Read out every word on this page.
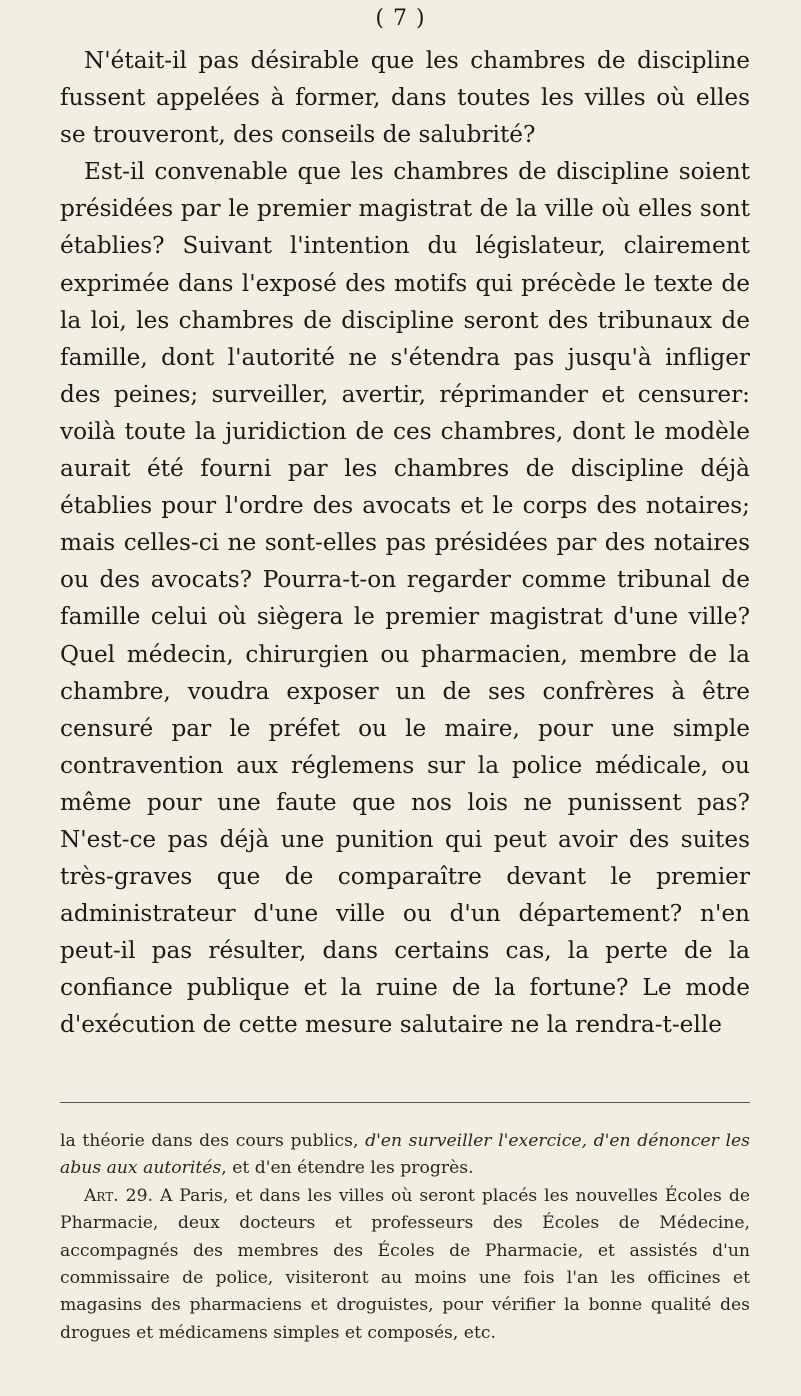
( 7 )

N'était-il pas désirable que les chambres de discipline fussent appelées à former, dans toutes les villes où elles se trouveront, des conseils de salubrité?

Est-il convenable que les chambres de discipline soient présidées par le premier magistrat de la ville où elles sont établies? Suivant l'intention du législateur, clairement exprimée dans l'exposé des motifs qui précède le texte de la loi, les chambres de discipline seront des tribunaux de famille, dont l'autorité ne s'étendra pas jusqu'à infliger des peines; surveiller, avertir, réprimander et censurer: voilà toute la juridiction de ces chambres, dont le modèle aurait été fourni par les chambres de discipline déjà établies pour l'ordre des avocats et le corps des notaires; mais celles-ci ne sont-elles pas présidées par des notaires ou des avocats? Pourra-t-on regarder comme tribunal de famille celui où siègera le premier magistrat d'une ville? Quel médecin, chirurgien ou pharmacien, membre de la chambre, voudra exposer un de ses confrères à être censuré par le préfet ou le maire, pour une simple contravention aux réglemens sur la police médicale, ou même pour une faute que nos lois ne punissent pas? N'est-ce pas déjà une punition qui peut avoir des suites très-graves que de comparaître devant le premier administrateur d'une ville ou d'un département? n'en peut-il pas résulter, dans certains cas, la perte de la confiance publique et la ruine de la fortune? Le mode d'exécution de cette mesure salutaire ne la rendra-t-elle

la théorie dans des cours publics, d'en surveiller l'exercice, d'en dénoncer les abus aux autorités, et d'en étendre les progrès.

Art. 29. A Paris, et dans les villes où seront placés les nouvelles Écoles de Pharmacie, deux docteurs et professeurs des Écoles de Médecine, accompagnés des membres des Écoles de Pharmacie, et assistés d'un commissaire de police, visiteront au moins une fois l'an les officines et magasins des pharmaciens et droguistes, pour vérifier la bonne qualité des drogues et médicamens simples et composés, etc.
